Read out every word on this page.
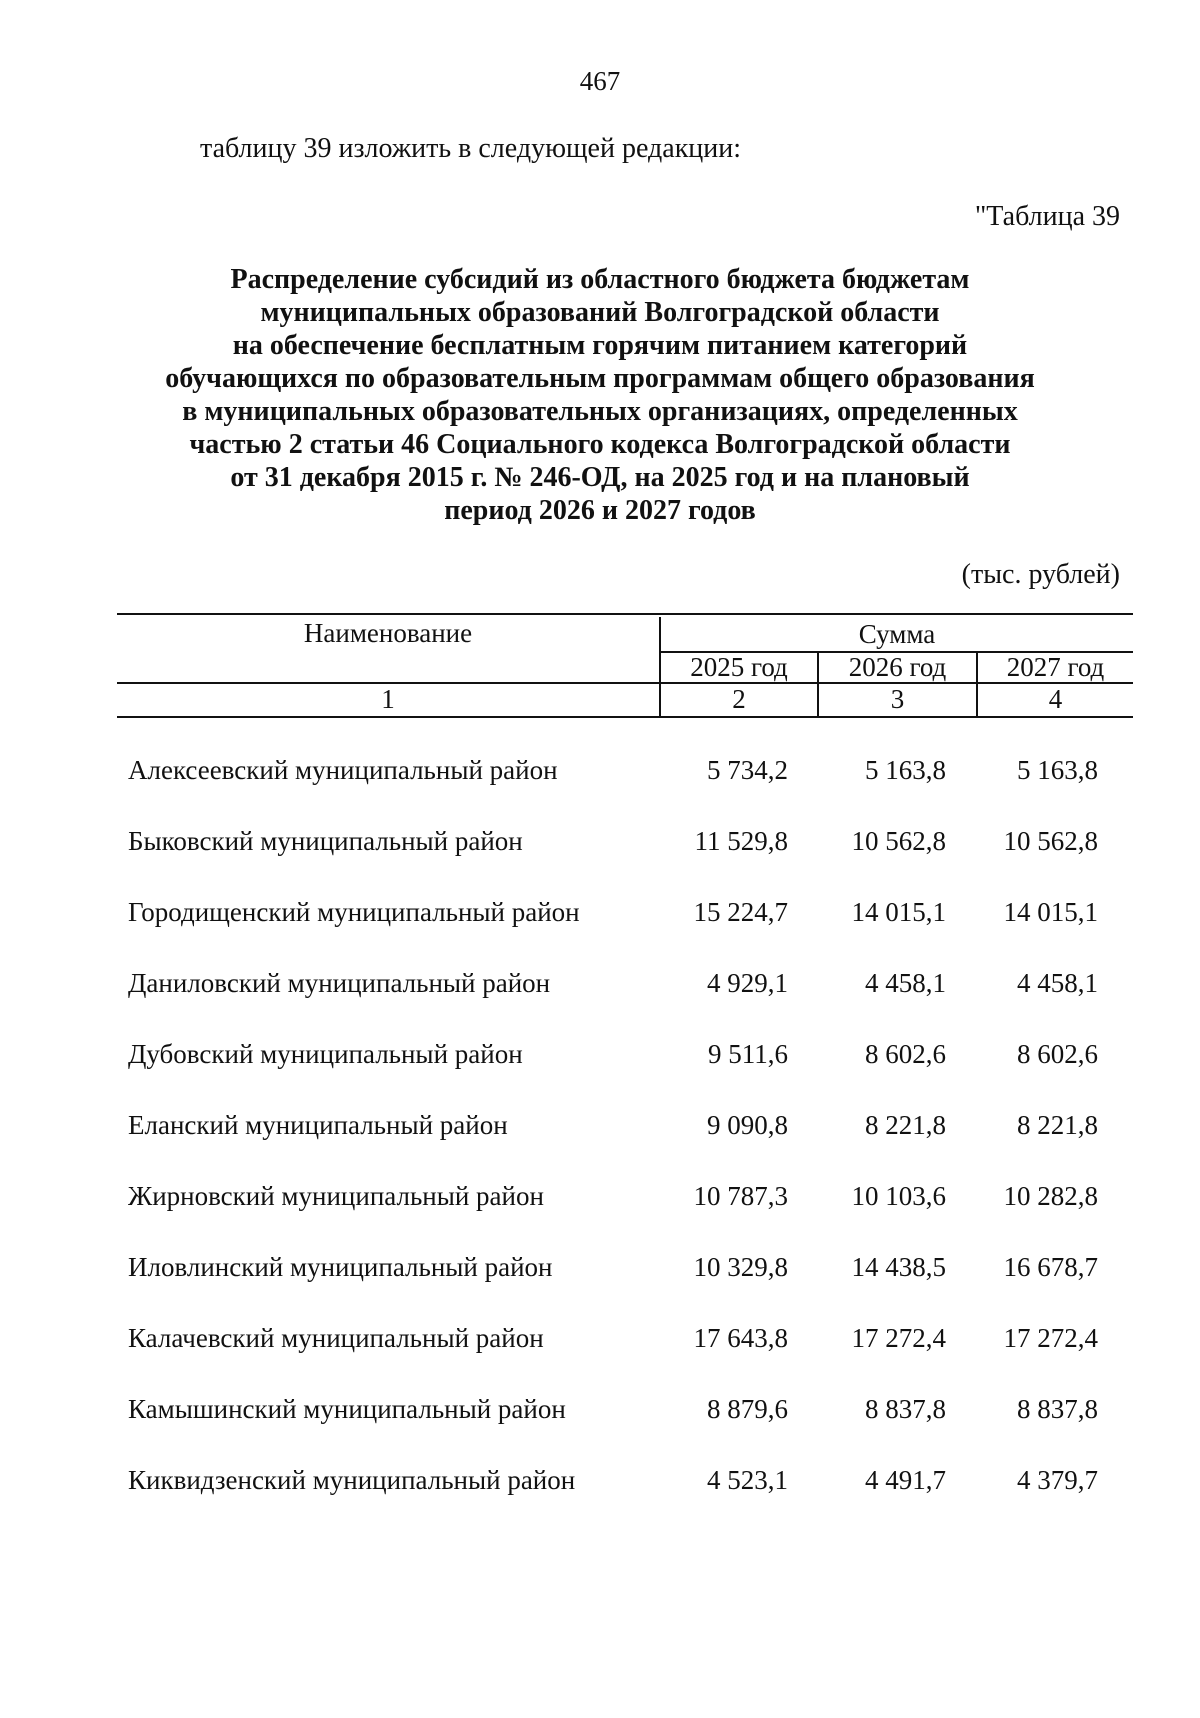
467
таблицу 39 изложить в следующей редакции:
"Таблица 39
Распределение субсидий из областного бюджета бюджетам
муниципальных образований Волгоградской области
на обеспечение бесплатным горячим питанием категорий
обучающихся по образовательным программам общего образования
в муниципальных образовательных организациях, определенных
частью 2 статьи 46 Социального кодекса Волгоградской области
от 31 декабря 2015 г. № 246-ОД, на 2025 год и на плановый
период 2026 и 2027 годов
(тыс. рублей)
Наименование	Сумма
2025 год	2026 год	2027 год
1	2	3	4
Алексеевский муниципальный район	5 734,2	5 163,8	5 163,8
Быковский муниципальный район	11 529,8	10 562,8	10 562,8
Городищенский муниципальный район	15 224,7	14 015,1	14 015,1
Даниловский муниципальный район	4 929,1	4 458,1	4 458,1
Дубовский муниципальный район	9 511,6	8 602,6	8 602,6
Еланский муниципальный район	9 090,8	8 221,8	8 221,8
Жирновский муниципальный район	10 787,3	10 103,6	10 282,8
Иловлинский муниципальный район	10 329,8	14 438,5	16 678,7
Калачевский муниципальный район	17 643,8	17 272,4	17 272,4
Камышинский муниципальный район	8 879,6	8 837,8	8 837,8
Киквидзенский муниципальный район	4 523,1	4 491,7	4 379,7
